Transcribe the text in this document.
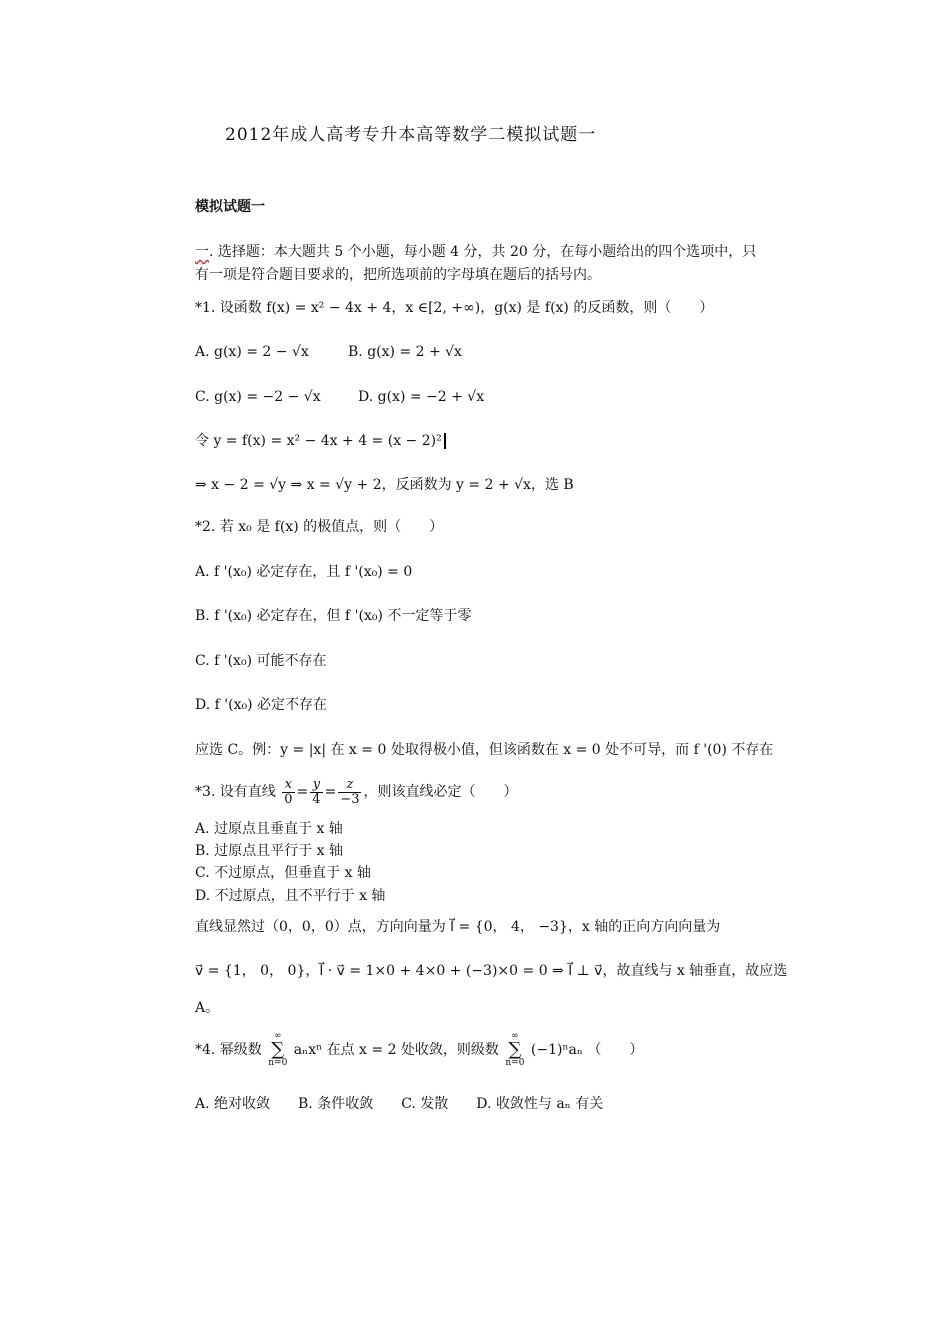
2012年成人高考专升本高等数学二模拟试题一
模拟试题一
一. 选择题：本大题共 5 个小题，每小题 4 分，共 20 分，在每小题给出的四个选项中，只
有一项是符合题目要求的，把所选项前的字母填在题后的括号内。
*1. 设函数 f(x) = x² − 4x + 4，x ∈[2, +∞)，g(x) 是 f(x) 的反函数，则（　　）
A. g(x) = 2 − √x	B. g(x) = 2 + √x
C. g(x) = −2 − √x	D. g(x) = −2 + √x
令 y = f(x) = x² − 4x + 4 = (x − 2)²
⇒ x − 2 = √y ⇒ x = √y + 2，反函数为 y = 2 + √x，选 B
*2. 若 x₀ 是 f(x) 的极值点，则（　　）
A. f '(x₀) 必定存在，且 f '(x₀) = 0
B. f '(x₀) 必定存在，但 f '(x₀) 不一定等于零
C. f '(x₀) 可能不存在
D. f '(x₀) 必定不存在
应选 C。例：y = |x| 在 x = 0 处取得极小值，但该函数在 x = 0 处不可导，而 f '(0) 不存在
*3. 设有直线 $\frac{x}{0} = \frac{y}{4} = \frac{z}{-3}$ ，则该直线必定（　　）
A. 过原点且垂直于 x 轴
B. 过原点且平行于 x 轴
C. 不过原点，但垂直于 x 轴
D. 不过原点，且不平行于 x 轴
直线显然过（0，0，0）点，方向向量为 l⃗ = {0， 4， −3}，x 轴的正向方向向量为
v⃗ = {1， 0， 0}，l⃗ · v⃗ = 1×0 + 4×0 + (−3)×0 = 0 ⇒ l⃗ ⊥ v⃗，故直线与 x 轴垂直，故应选
A。
*4. 幂级数 ∞
∑
n=0 aₙxⁿ 在点 x = 2 处收敛，则级数 ∞
∑
n=0 (−1)ⁿaₙ （　　）
A. 绝对收敛　　B. 条件收敛　　C. 发散　　D. 收敛性与 aₙ 有关
